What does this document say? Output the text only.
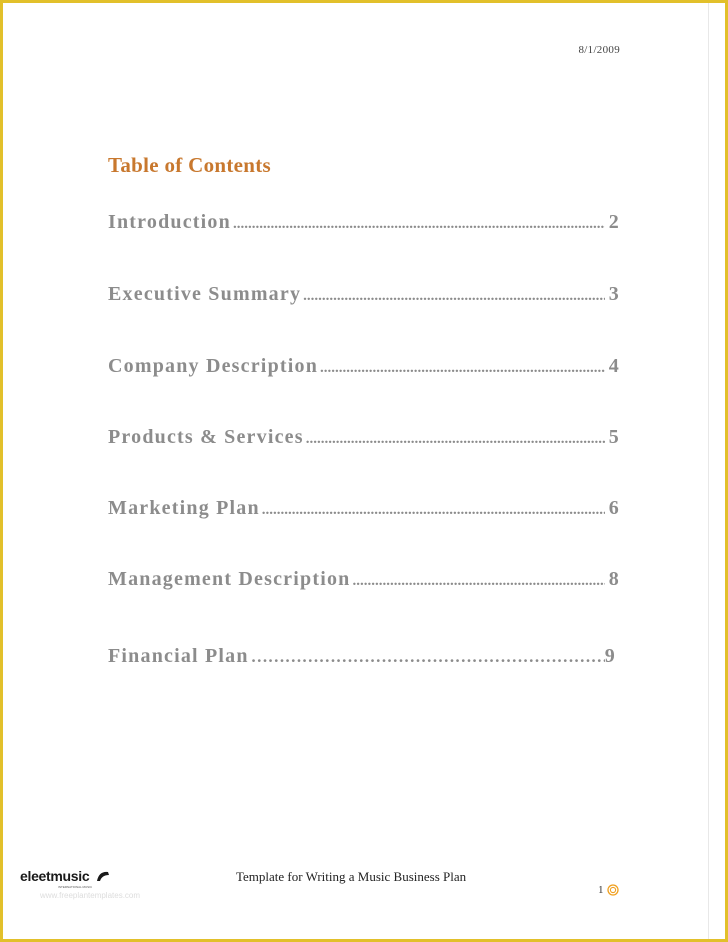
8/1/2009
Table of Contents
Introduction .....	2
Executive Summary .....	3
Company Description .....	4
Products & Services .....	5
Marketing Plan .....	6
Management Description .....	8
Financial Plan ………………………………………………………………………………………………………	9
eleetmusic
INTERNATIONAL MUSIC
www.freeplantemplates.com
Template for Writing a Music Business Plan
1
